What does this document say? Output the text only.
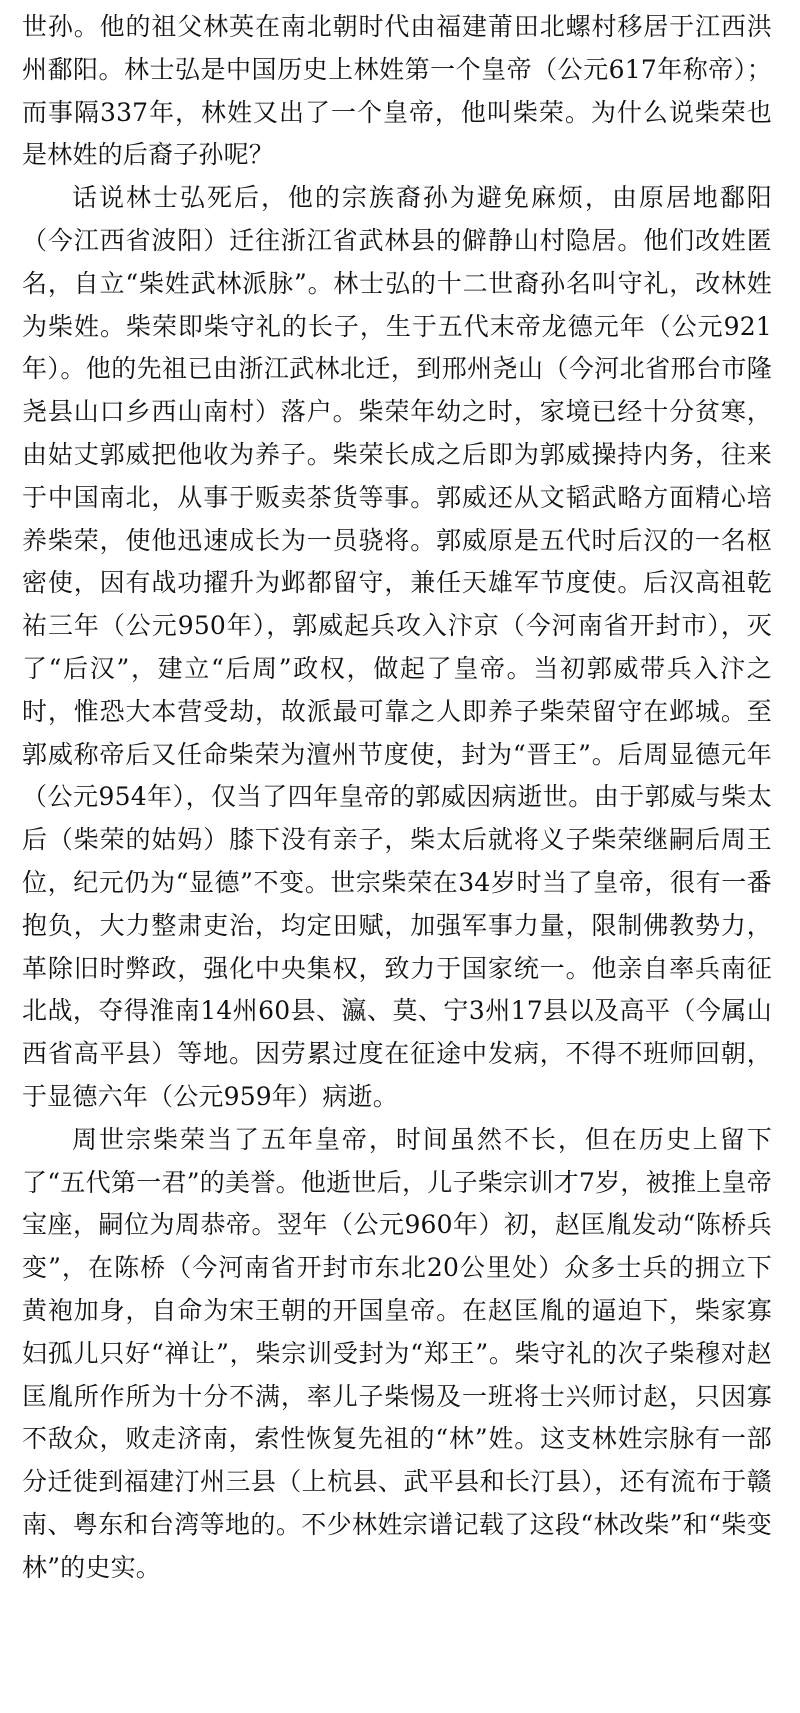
世孙。他的祖父林英在南北朝时代由福建莆田北螺村移居于江西洪州鄱阳。林士弘是中国历史上林姓第一个皇帝（公元617年称帝）；而事隔337年，林姓又出了一个皇帝，他叫柴荣。为什么说柴荣也是林姓的后裔子孙呢？

话说林士弘死后，他的宗族裔孙为避免麻烦，由原居地鄱阳（今江西省波阳）迁往浙江省武林县的僻静山村隐居。他们改姓匿名，自立“柴姓武林派脉”。林士弘的十二世裔孙名叫守礼，改林姓为柴姓。柴荣即柴守礼的长子，生于五代末帝龙德元年（公元921年）。他的先祖已由浙江武林北迁，到邢州尧山（今河北省邢台市隆尧县山口乡西山南村）落户。柴荣年幼之时，家境已经十分贫寒，由姑丈郭威把他收为养子。柴荣长成之后即为郭威操持内务，往来于中国南北，从事于贩卖茶货等事。郭威还从文韬武略方面精心培养柴荣，使他迅速成长为一员骁将。郭威原是五代时后汉的一名枢密使，因有战功擢升为邺都留守，兼任天雄军节度使。后汉高祖乾祐三年（公元950年），郭威起兵攻入汴京（今河南省开封市），灭了“后汉”，建立“后周”政权，做起了皇帝。当初郭威带兵入汴之时，惟恐大本营受劫，故派最可靠之人即养子柴荣留守在邺城。至郭威称帝后又任命柴荣为澶州节度使，封为“晋王”。后周显德元年（公元954年），仅当了四年皇帝的郭威因病逝世。由于郭威与柴太后（柴荣的姑妈）膝下没有亲子，柴太后就将义子柴荣继嗣后周王位，纪元仍为“显德”不变。世宗柴荣在34岁时当了皇帝，很有一番抱负，大力整肃吏治，均定田赋，加强军事力量，限制佛教势力，革除旧时弊政，强化中央集权，致力于国家统一。他亲自率兵南征北战，夺得淮南14州60县、瀛、莫、宁3州17县以及高平（今属山西省高平县）等地。因劳累过度在征途中发病，不得不班师回朝，于显德六年（公元959年）病逝。

周世宗柴荣当了五年皇帝，时间虽然不长，但在历史上留下了“五代第一君”的美誉。他逝世后，儿子柴宗训才7岁，被推上皇帝宝座，嗣位为周恭帝。翌年（公元960年）初，赵匡胤发动“陈桥兵变”，在陈桥（今河南省开封市东北20公里处）众多士兵的拥立下黄袍加身，自命为宋王朝的开国皇帝。在赵匡胤的逼迫下，柴家寡妇孤儿只好“禅让”，柴宗训受封为“郑王”。柴守礼的次子柴穆对赵匡胤所作所为十分不满，率儿子柴惕及一班将士兴师讨赵，只因寡不敌众，败走济南，索性恢复先祖的“林”姓。这支林姓宗脉有一部分迁徙到福建汀州三县（上杭县、武平县和长汀县），还有流布于赣南、粤东和台湾等地的。不少林姓宗谱记载了这段“林改柴”和“柴变林”的史实。
